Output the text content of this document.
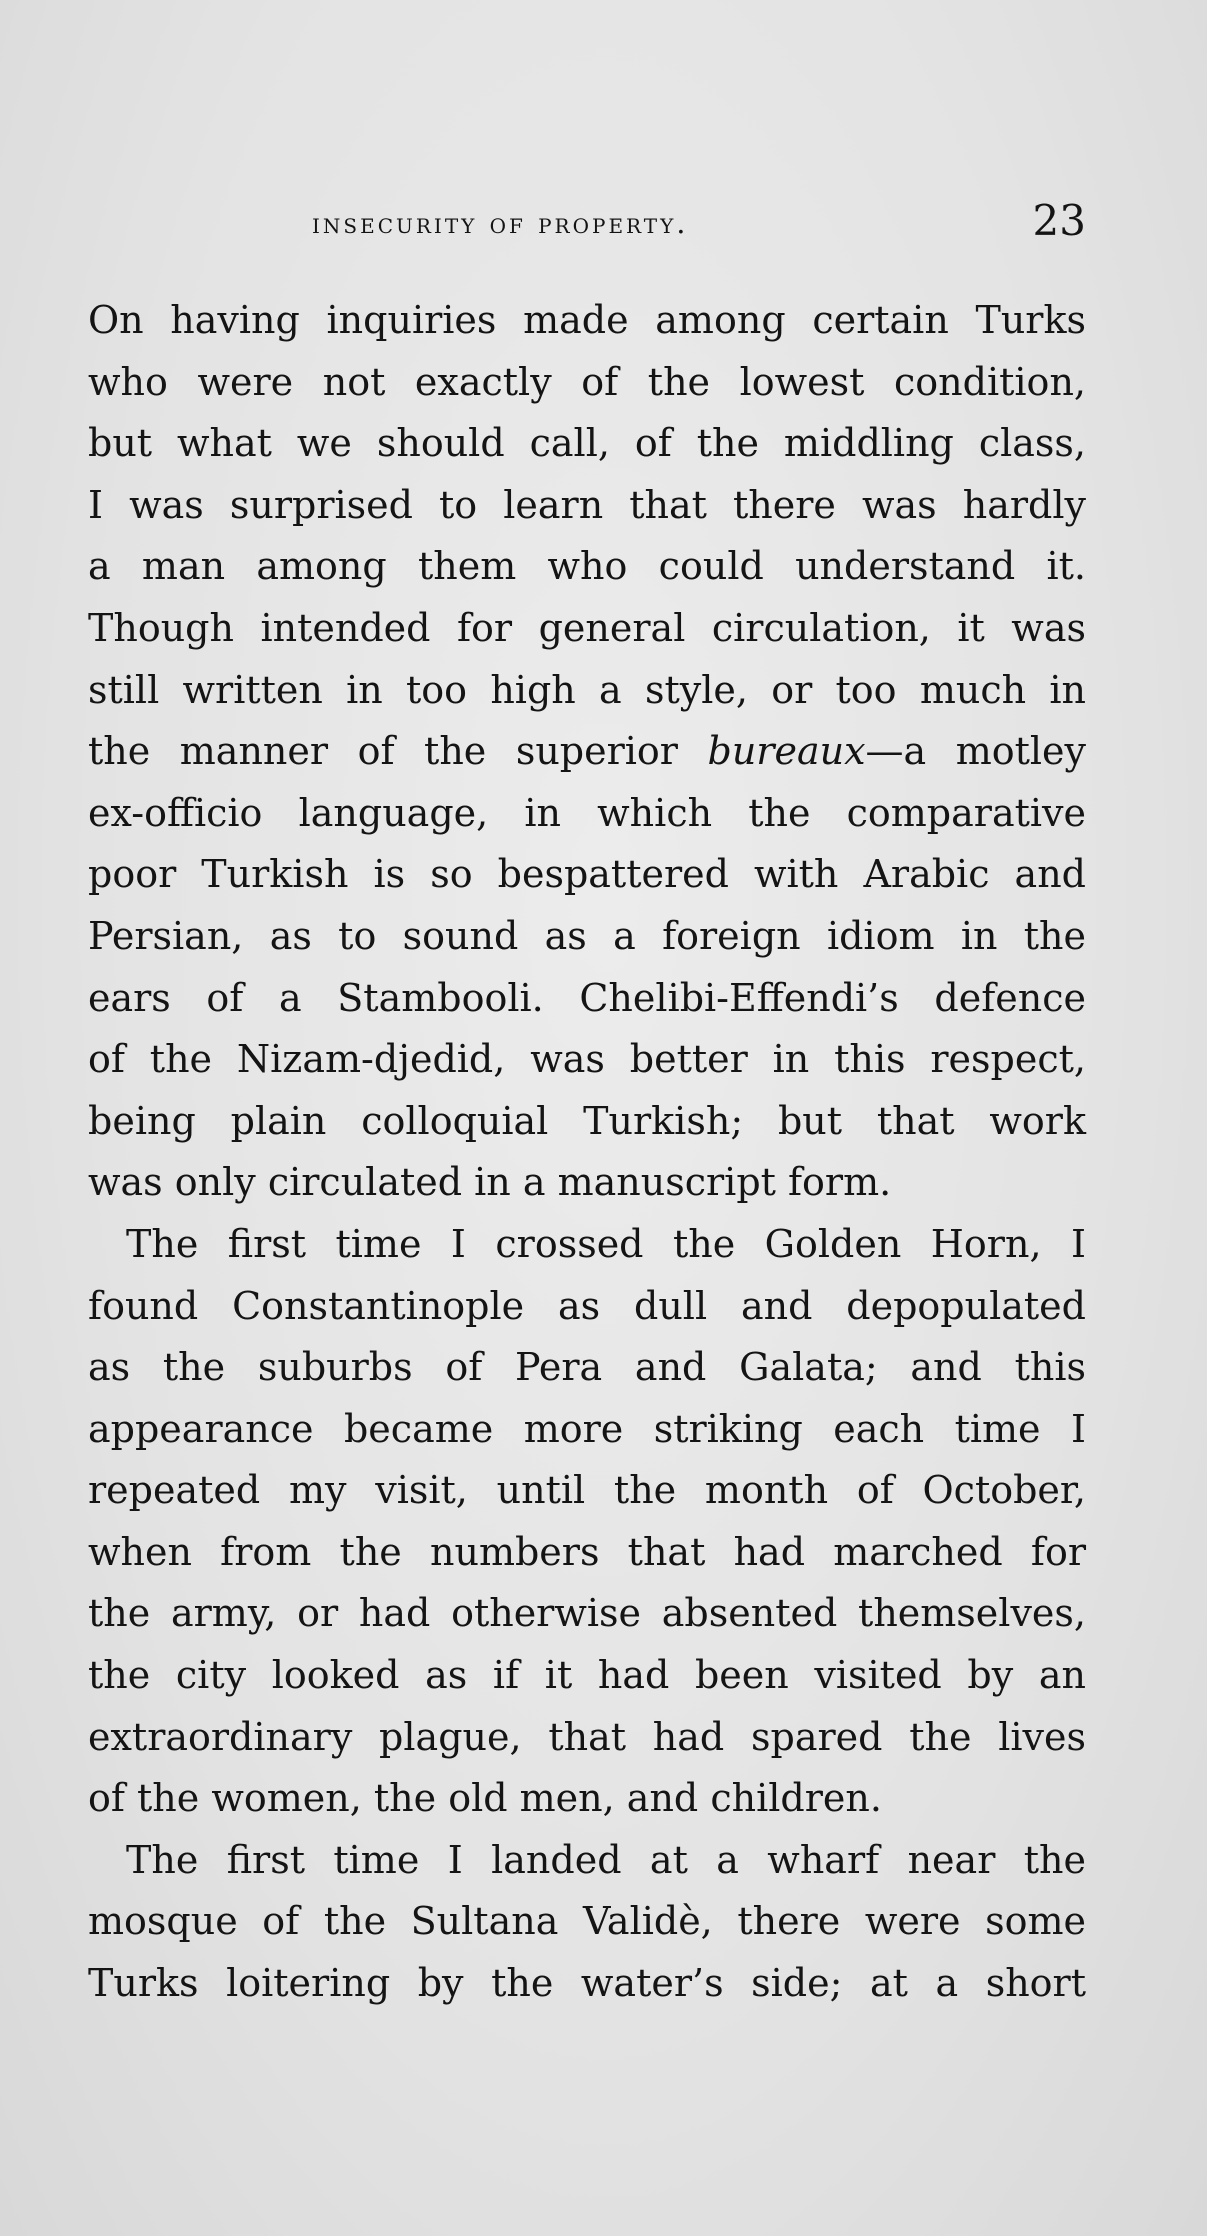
insecurity of property.	23
On having inquiries made among certain Turks
who were not exactly of the lowest condition,
but what we should call, of the middling class,
I was surprised to learn that there was hardly
a man among them who could understand it.
Though intended for general circulation, it was
still written in too high a style, or too much in
the manner of the superior bureaux—a motley
ex-officio language, in which the comparative
poor Turkish is so bespattered with Arabic and
Persian, as to sound as a foreign idiom in the
ears of a Stambooli. Chelibi-Effendi’s defence
of the Nizam-djedid, was better in this respect,
being plain colloquial Turkish; but that work
was only circulated in a manuscript form.
The first time I crossed the Golden Horn, I
found Constantinople as dull and depopulated
as the suburbs of Pera and Galata; and this
appearance became more striking each time I
repeated my visit, until the month of October,
when from the numbers that had marched for
the army, or had otherwise absented themselves,
the city looked as if it had been visited by an
extraordinary plague, that had spared the lives
of the women, the old men, and children.
The first time I landed at a wharf near the
mosque of the Sultana Validè, there were some
Turks loitering by the water’s side; at a short
